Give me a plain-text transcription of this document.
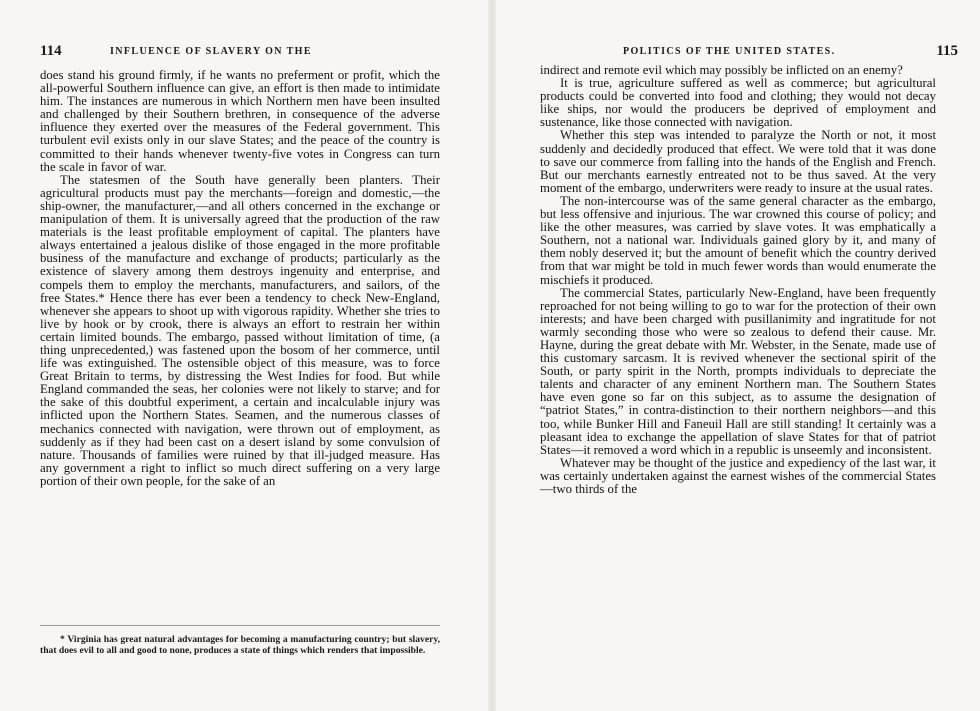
114	INFLUENCE OF SLAVERY ON THE

does stand his ground firmly, if he wants no preferment or profit, which the all-powerful Southern influence can give, an effort is then made to intimidate him. The instances are numerous in which Northern men have been insulted and challenged by their Southern brethren, in consequence of the adverse influence they exerted over the measures of the Federal government. This turbulent evil exists only in our slave States; and the peace of the country is committed to their hands whenever twenty-five votes in Congress can turn the scale in favor of war.

The statesmen of the South have generally been planters. Their agricultural products must pay the merchants—foreign and domestic,—the ship-owner, the manufacturer,—and all others concerned in the exchange or manipulation of them. It is universally agreed that the production of the raw materials is the least profitable employment of capital. The planters have always entertained a jealous dislike of those engaged in the more profitable business of the manufacture and exchange of products; particularly as the existence of slavery among them destroys ingenuity and enterprise, and compels them to employ the merchants, manufacturers, and sailors, of the free States.* Hence there has ever been a tendency to check New-England, whenever she appears to shoot up with vigorous rapidity. Whether she tries to live by hook or by crook, there is always an effort to restrain her within certain limited bounds. The embargo, passed without limitation of time, (a thing unprecedented,) was fastened upon the bosom of her commerce, until life was extinguished. The ostensible object of this measure, was to force Great Britain to terms, by distressing the West Indies for food. But while England commanded the seas, her colonies were not likely to starve; and for the sake of this doubtful experiment, a certain and incalculable injury was inflicted upon the Northern States. Seamen, and the numerous classes of mechanics connected with navigation, were thrown out of employment, as suddenly as if they had been cast on a desert island by some convulsion of nature. Thousands of families were ruined by that ill-judged measure. Has any government a right to inflict so much direct suffering on a very large portion of their own people, for the sake of an

* Virginia has great natural advantages for becoming a manufacturing country; but slavery, that does evil to all and good to none, produces a state of things which renders that impossible.

POLITICS OF THE UNITED STATES.	115

indirect and remote evil which may possibly be inflicted on an enemy?

It is true, agriculture suffered as well as commerce; but agricultural products could be converted into food and clothing; they would not decay like ships, nor would the producers be deprived of employment and sustenance, like those connected with navigation.

Whether this step was intended to paralyze the North or not, it most suddenly and decidedly produced that effect. We were told that it was done to save our commerce from falling into the hands of the English and French. But our merchants earnestly entreated not to be thus saved. At the very moment of the embargo, underwriters were ready to insure at the usual rates.

The non-intercourse was of the same general character as the embargo, but less offensive and injurious. The war crowned this course of policy; and like the other measures, was carried by slave votes. It was emphatically a Southern, not a national war. Individuals gained glory by it, and many of them nobly deserved it; but the amount of benefit which the country derived from that war might be told in much fewer words than would enumerate the mischiefs it produced.

The commercial States, particularly New-England, have been frequently reproached for not being willing to go to war for the protection of their own interests; and have been charged with pusillanimity and ingratitude for not warmly seconding those who were so zealous to defend their cause. Mr. Hayne, during the great debate with Mr. Webster, in the Senate, made use of this customary sarcasm. It is revived whenever the sectional spirit of the South, or party spirit in the North, prompts individuals to depreciate the talents and character of any eminent Northern man. The Southern States have even gone so far on this subject, as to assume the designation of “patriot States,” in contra-distinction to their northern neighbors—and this too, while Bunker Hill and Faneuil Hall are still standing! It certainly was a pleasant idea to exchange the appellation of slave States for that of patriot States—it removed a word which in a republic is unseemly and inconsistent.

Whatever may be thought of the justice and expediency of the last war, it was certainly undertaken against the earnest wishes of the commercial States—two thirds of the
